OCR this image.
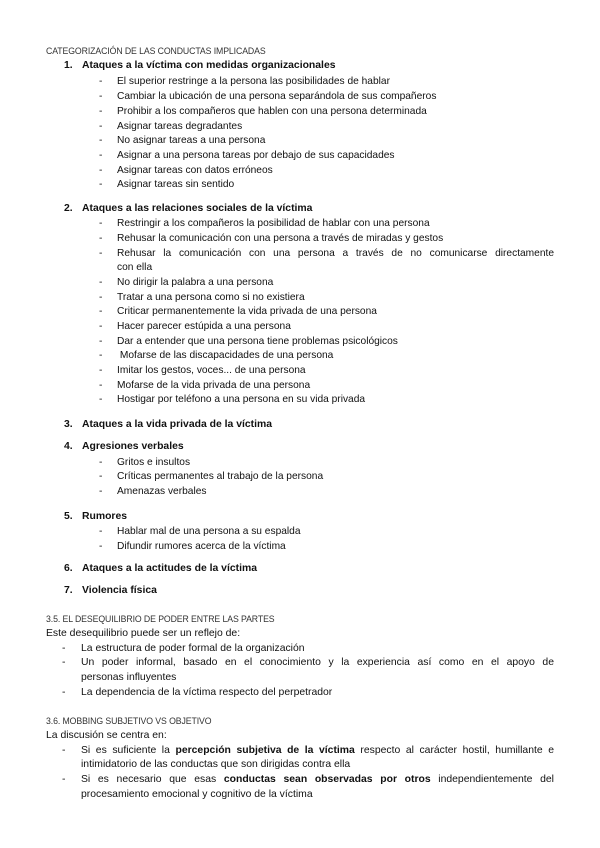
CATEGORIZACIÓN DE LAS CONDUCTAS IMPLICADAS
1. Ataques a la víctima con medidas organizacionales
- El superior restringe a la persona las posibilidades de hablar
- Cambiar la ubicación de una persona separándola de sus compañeros
- Prohibir a los compañeros que hablen con una persona determinada
- Asignar tareas degradantes
- No asignar tareas a una persona
- Asignar a una persona tareas por debajo de sus capacidades
- Asignar tareas con datos erróneos
- Asignar tareas sin sentido
2. Ataques a las relaciones sociales de la víctima
- Restringir a los compañeros la posibilidad de hablar con una persona
- Rehusar la comunicación con una persona a través de miradas y gestos
- Rehusar la comunicación con una persona a través de no comunicarse directamente
con ella
- No dirigir la palabra a una persona
- Tratar a una persona como si no existiera
- Criticar permanentemente la vida privada de una persona
- Hacer parecer estúpida a una persona
- Dar a entender que una persona tiene problemas psicológicos
- Mofarse de las discapacidades de una persona
- Imitar los gestos, voces... de una persona
- Mofarse de la vida privada de una persona
- Hostigar por teléfono a una persona en su vida privada
3. Ataques a la vida privada de la víctima
4. Agresiones verbales
- Gritos e insultos
- Críticas permanentes al trabajo de la persona
- Amenazas verbales
5. Rumores
- Hablar mal de una persona a su espalda
- Difundir rumores acerca de la víctima
6. Ataques a la actitudes de la víctima
7. Violencia física
3.5. EL DESEQUILIBRIO DE PODER ENTRE LAS PARTES
Este desequilibrio puede ser un reflejo de:
- La estructura de poder formal de la organización
- Un poder informal, basado en el conocimiento y la experiencia así como en el apoyo de
personas influyentes
- La dependencia de la víctima respecto del perpetrador
3.6. MOBBING SUBJETIVO VS OBJETIVO
La discusión se centra en:
- Si es suficiente la percepción subjetiva de la víctima respecto al carácter hostil, humillante e
intimidatorio de las conductas que son dirigidas contra ella
- Si es necesario que esas conductas sean observadas por otros independientemente del
procesamiento emocional y cognitivo de la víctima
